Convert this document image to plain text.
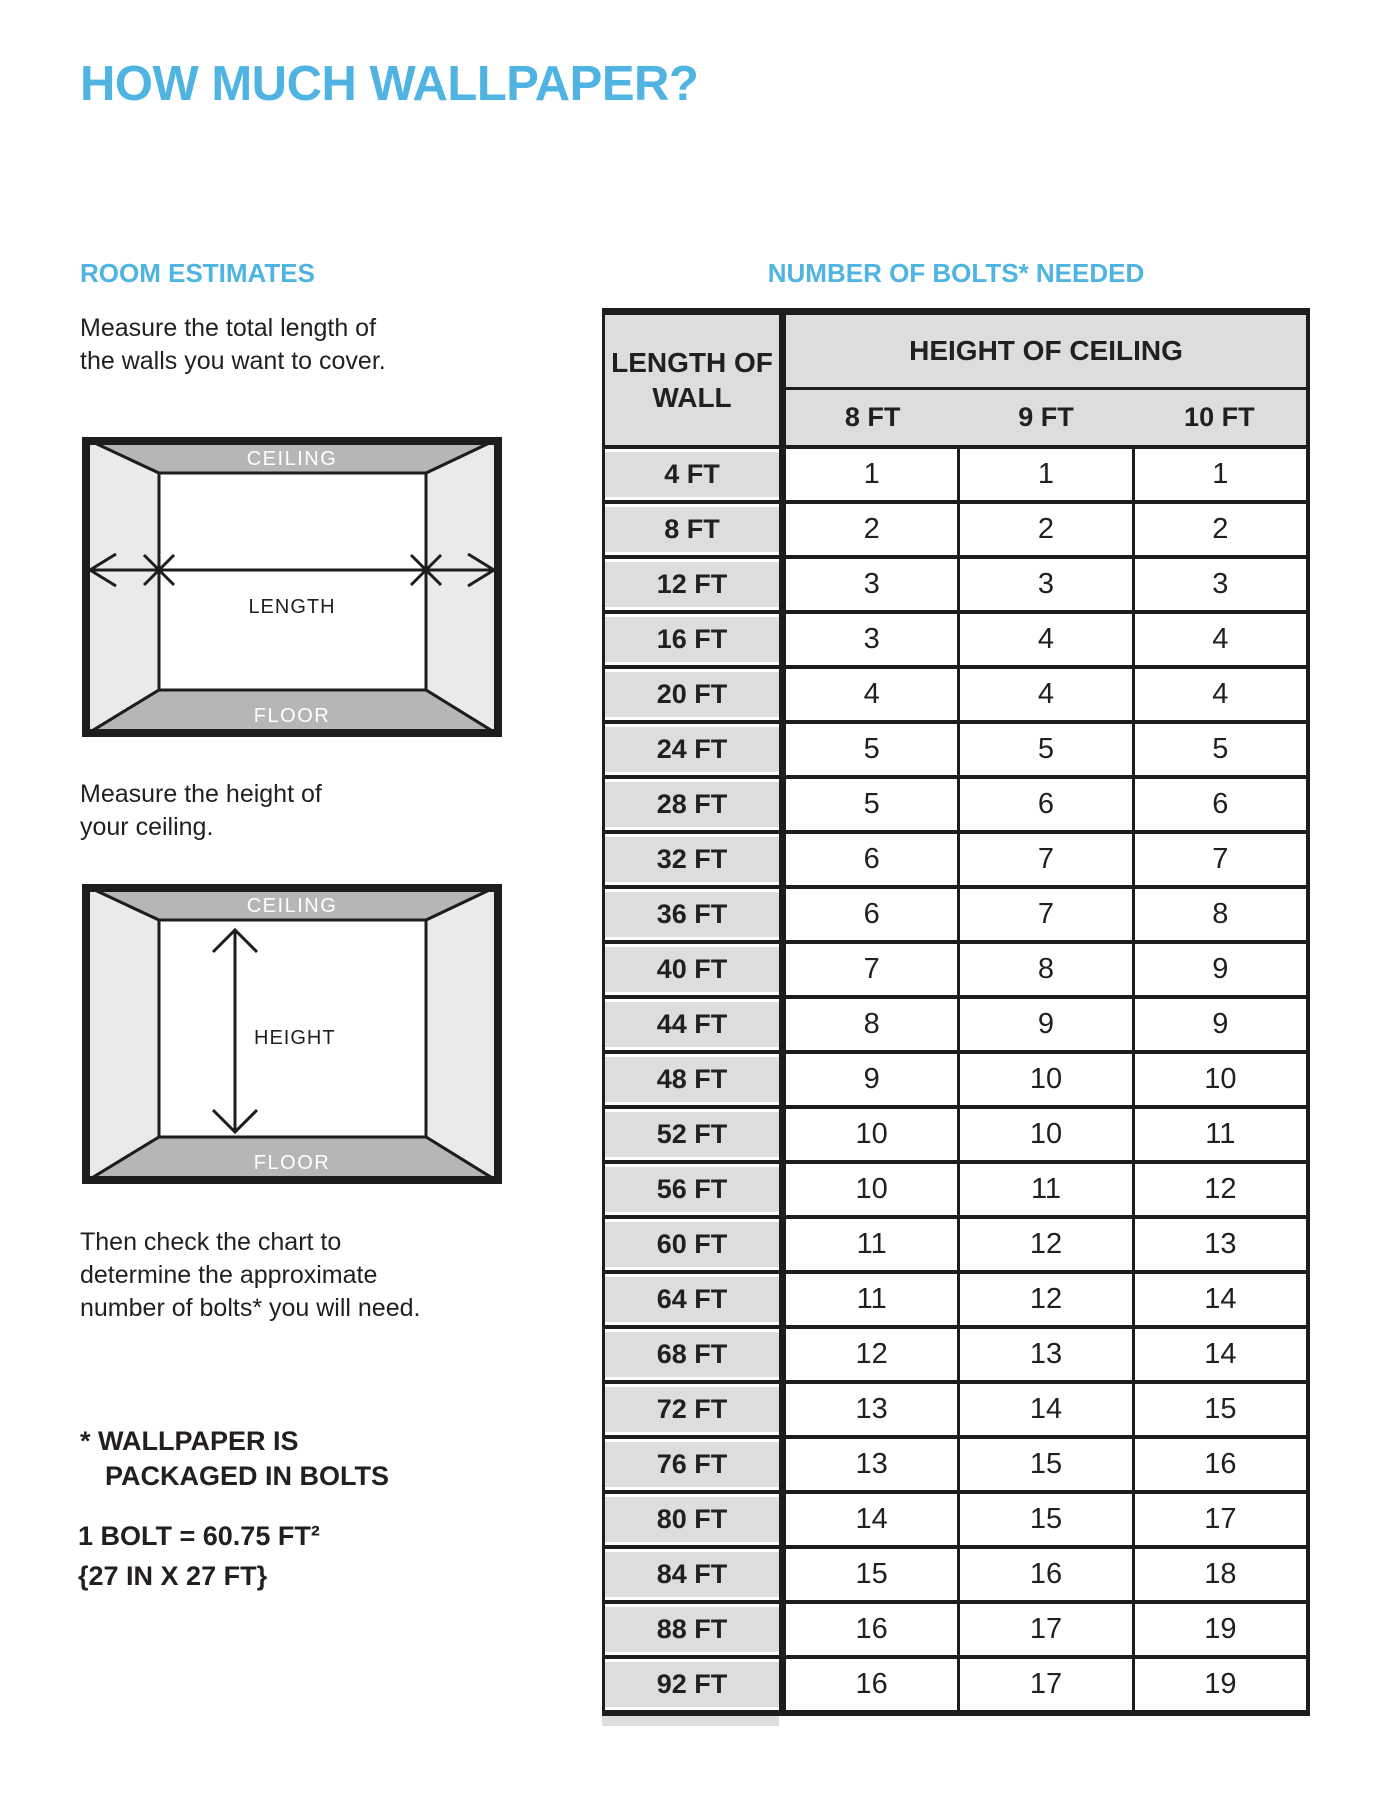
HOW MUCH WALLPAPER?
ROOM ESTIMATES

Measure the total length of
the walls you want to cover.

CEILING
FLOOR
LENGTH

Measure the height of
your ceiling.

CEILING
FLOOR
HEIGHT

Then check the chart to
determine the approximate
number of bolts* you will need.

* WALLPAPER IS
PACKAGED IN BOLTS

1 BOLT = 60.75 FT²
{27 IN X 27 FT}

NUMBER OF BOLTS* NEEDED
LENGTH OF WALL
HEIGHT OF CEILING
8 FT	9 FT	10 FT
4 FT	1	1	1
8 FT	2	2	2
12 FT	3	3	3
16 FT	3	4	4
20 FT	4	4	4
24 FT	5	5	5
28 FT	5	6	6
32 FT	6	7	7
36 FT	6	7	8
40 FT	7	8	9
44 FT	8	9	9
48 FT	9	10	10
52 FT	10	10	11
56 FT	10	11	12
60 FT	11	12	13
64 FT	11	12	14
68 FT	12	13	14
72 FT	13	14	15
76 FT	13	15	16
80 FT	14	15	17
84 FT	15	16	18
88 FT	16	17	19
92 FT	16	17	19
